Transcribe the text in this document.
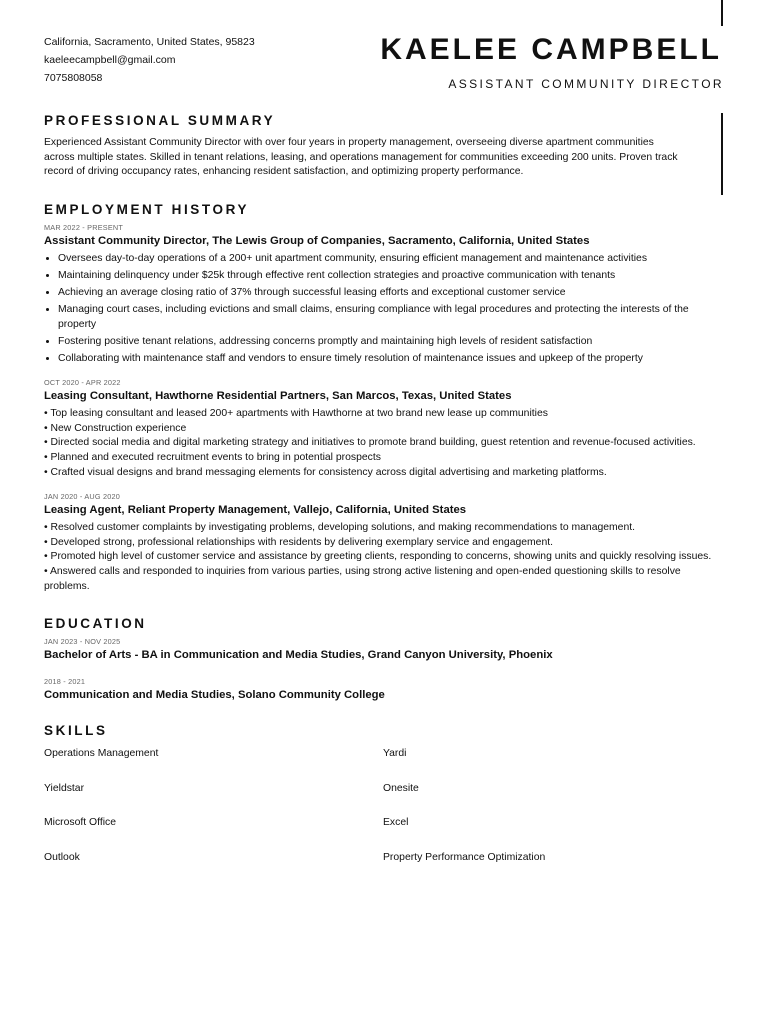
California, Sacramento, United States, 95823
kaeleecampbell@gmail.com
7075808058
KAELEE CAMPBELL
ASSISTANT COMMUNITY DIRECTOR
PROFESSIONAL SUMMARY

Experienced Assistant Community Director with over four years in property management, overseeing diverse apartment communities across multiple states. Skilled in tenant relations, leasing, and operations management for communities exceeding 200 units. Proven track record of driving occupancy rates, enhancing resident satisfaction, and optimizing property performance.

EMPLOYMENT HISTORY
MAR 2022 - PRESENT
Assistant Community Director, The Lewis Group of Companies, Sacramento, California, United States
• Oversees day-to-day operations of a 200+ unit apartment community, ensuring efficient management and maintenance activities
• Maintaining delinquency under $25k through effective rent collection strategies and proactive communication with tenants
• Achieving an average closing ratio of 37% through successful leasing efforts and exceptional customer service
• Managing court cases, including evictions and small claims, ensuring compliance with legal procedures and protecting the interests of the property
• Fostering positive tenant relations, addressing concerns promptly and maintaining high levels of resident satisfaction
• Collaborating with maintenance staff and vendors to ensure timely resolution of maintenance issues and upkeep of the property
OCT 2020 - APR 2022
Leasing Consultant, Hawthorne Residential Partners, San Marcos, Texas, United States
• Top leasing consultant and leased 200+ apartments with Hawthorne at two brand new lease up communities
• New Construction experience
• Directed social media and digital marketing strategy and initiatives to promote brand building, guest retention and revenue-focused activities.
• Planned and executed recruitment events to bring in potential prospects
• Crafted visual designs and brand messaging elements for consistency across digital advertising and marketing platforms.
JAN 2020 - AUG 2020
Leasing Agent, Reliant Property Management, Vallejo, California, United States
• Resolved customer complaints by investigating problems, developing solutions, and making recommendations to management.
• Developed strong, professional relationships with residents by delivering exemplary service and engagement.
• Promoted high level of customer service and assistance by greeting clients, responding to concerns, showing units and quickly resolving issues.
• Answered calls and responded to inquiries from various parties, using strong active listening and open-ended questioning skills to resolve problems.
EDUCATION
JAN 2023 - NOV 2025
Bachelor of Arts - BA in Communication and Media Studies, Grand Canyon University, Phoenix
2018 - 2021
Communication and Media Studies, Solano Community College
SKILLS
Operations Management	Yardi
Yieldstar	Onesite
Microsoft Office	Excel
Outlook	Property Performance Optimization
